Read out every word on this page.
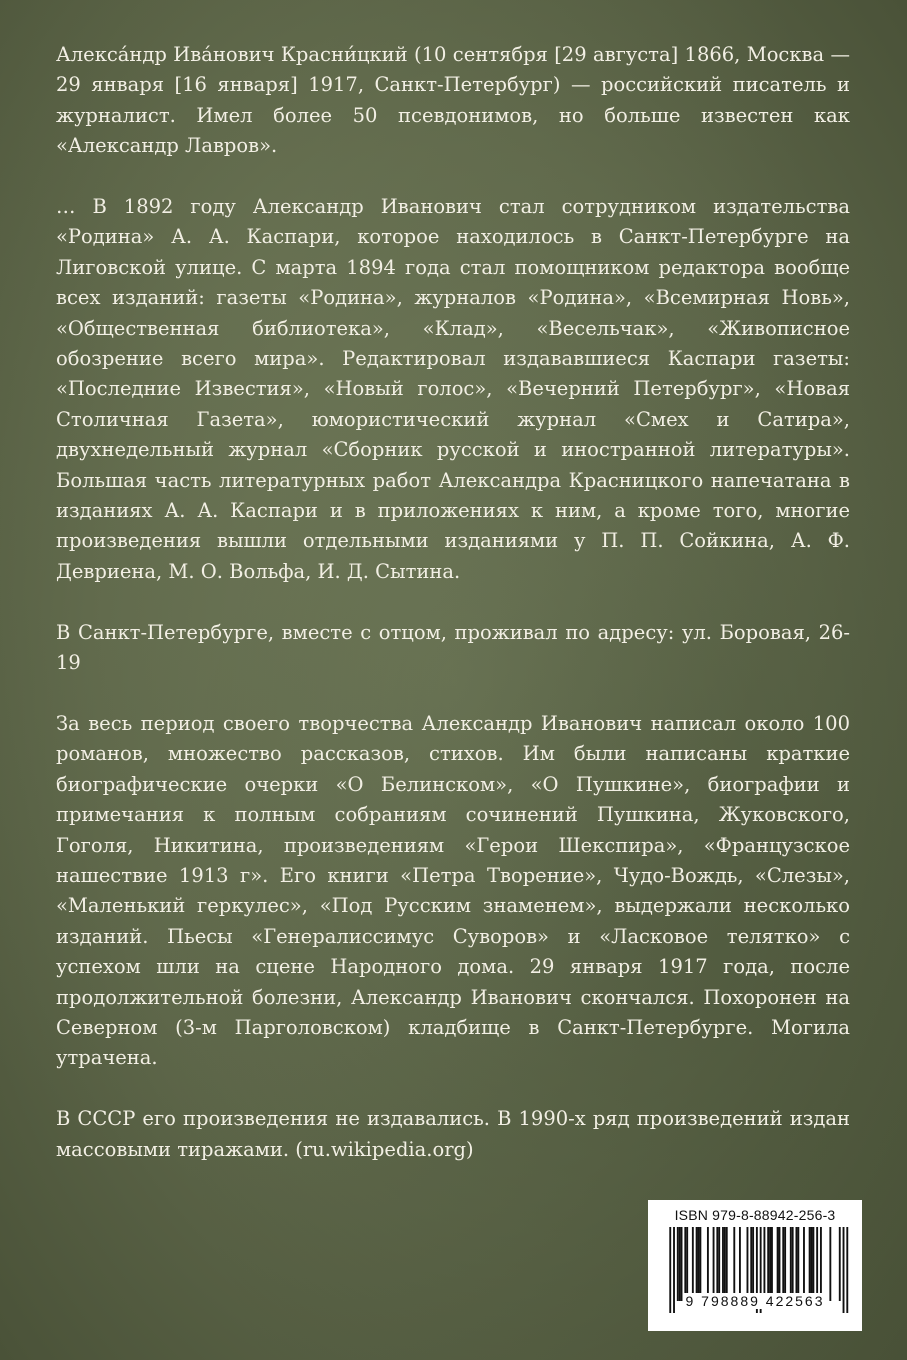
Алекса́ндр Ива́нович Красни́цкий (10 сентября [29 августа] 1866, Москва — 29 января [16 января] 1917, Санкт-Петербург) — российский писатель и журналист. Имел более 50 псевдонимов, но больше известен как «Александр Лавров».

… В 1892 году Александр Иванович стал сотрудником издательства «Родина» А. А. Каспари, которое находилось в Санкт-Петербурге на Лиговской улице. С марта 1894 года стал помощником редактора вообще всех изданий: газеты «Родина», журналов «Родина», «Всемирная Новь», «Общественная библиотека», «Клад», «Весельчак», «Живописное обозрение всего мира». Редактировал издававшиеся Каспари газеты: «Последние Известия», «Новый голос», «Вечерний Петербург», «Новая Столичная Газета», юмористический журнал «Смех и Сатира», двухнедельный журнал «Сборник русской и иностранной литературы». Большая часть литературных работ Александра Красницкого напечатана в изданиях А. А. Каспари и в приложениях к ним, а кроме того, многие произведения вышли отдельными изданиями у П. П. Сойкина, А. Ф. Девриена, М. О. Вольфа, И. Д. Сытина.

В Санкт-Петербурге, вместе с отцом, проживал по адресу: ул. Боровая, 26-19

За весь период своего творчества Александр Иванович написал около 100 романов, множество рассказов, стихов. Им были написаны краткие биографические очерки «О Белинском», «О Пушкине», биографии и примечания к полным собраниям сочинений Пушкина, Жуковского, Гоголя, Никитина, произведениям «Герои Шекспира», «Французское нашествие 1913 г». Его книги «Петра Творение», Чудо-Вождь, «Слезы», «Маленький геркулес», «Под Русским знаменем», выдержали несколько изданий. Пьесы «Генералиссимус Суворов» и «Ласковое телятко» с успехом шли на сцене Народного дома. 29 января 1917 года, после продолжительной болезни, Александр Иванович скончался. Похоронен на Северном (3-м Парголовском) кладбище в Санкт-Петербурге. Могила утрачена.

В СССР его произведения не издавались. В 1990-х ряд произведений издан массовыми тиражами. (ru.wikipedia.org)

ISBN 979-8-88942-256-3
9 798889 422563
